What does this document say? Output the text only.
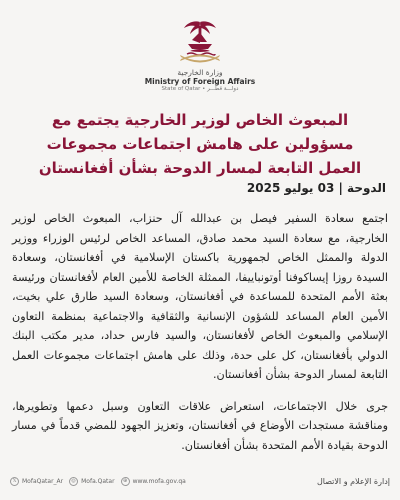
وزارة الخارجية
Ministry of Foreign Affairs
State of Qatar • دولـــة قطـــر
المبعوث الخاص لوزير الخارجية يجتمع مع مسؤولين على هامش اجتماعات مجموعات العمل التابعة لمسار الدوحة بشأن أفغانستان
الدوحة | 03 يوليو 2025

اجتمع سعادة السفير فيصل بن عبدالله آل حنزاب، المبعوث الخاص لوزير الخارجية، مع سعادة السيد محمد صادق، المساعد الخاص لرئيس الوزراء ووزير الدولة والممثل الخاص لجمهورية باكستان الإسلامية في أفغانستان، وسعادة السيدة روزا إيساكوفنا أوتونباييفا، الممثلة الخاصة للأمين العام لأفغانستان ورئيسة بعثة الأمم المتحدة للمساعدة في أفغانستان، وسعادة السيد طارق علي بخيت، الأمين العام المساعد للشؤون الإنسانية والثقافية والاجتماعية بمنظمة التعاون الإسلامي والمبعوث الخاص لأفغانستان، والسيد فارس حداد، مدير مكتب البنك الدولي بأفغانستان، كل على حدة، وذلك على هامش اجتماعات مجموعات العمل التابعة لمسار الدوحة بشأن أفغانستان.

جرى خلال الاجتماعات، استعراض علاقات التعاون وسبل دعمها وتطويرها، ومناقشة مستجدات الأوضاع في أفغانستان، وتعزيز الجهود للمضي قدماً في مسار الدوحة بقيادة الأمم المتحدة بشأن أفغانستان.

𝕏 MofaQatar_Ar	◎ Mofa.Qatar	⊕ www.mofa.gov.qa	إدارة الإعلام و الاتصال
